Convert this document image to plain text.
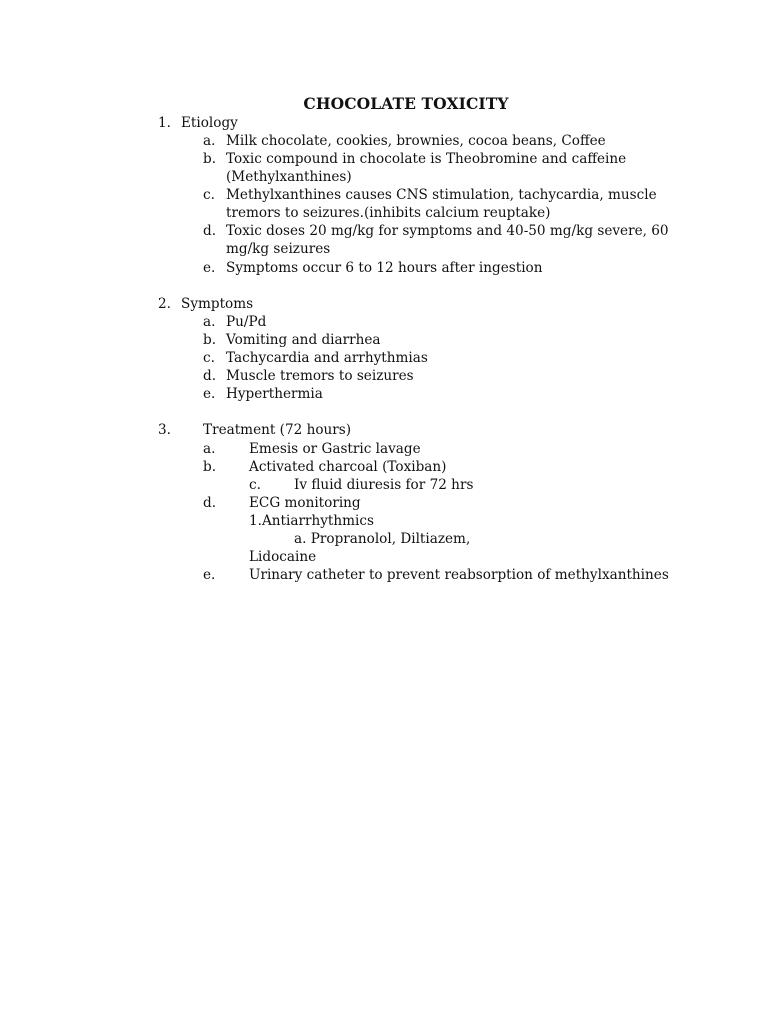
CHOCOLATE TOXICITY
1. Etiology
a. Milk chocolate, cookies, brownies, cocoa beans, Coffee
b. Toxic compound in chocolate is Theobromine and caffeine
(Methylxanthines)
c. Methylxanthines causes CNS stimulation, tachycardia, muscle
tremors to seizures.(inhibits calcium reuptake)
d. Toxic doses 20 mg/kg for symptoms and 40-50 mg/kg severe, 60
mg/kg seizures
e. Symptoms occur 6 to 12 hours after ingestion
2. Symptoms
a. Pu/Pd
b. Vomiting and diarrhea
c. Tachycardia and arrhythmias
d. Muscle tremors to seizures
e. Hyperthermia
3. Treatment (72 hours)
a. Emesis or Gastric lavage
b. Activated charcoal (Toxiban)
c. Iv fluid diuresis for 72 hrs
d. ECG monitoring
1.Antiarrhythmics
a. Propranolol, Diltiazem,
Lidocaine
e. Urinary catheter to prevent reabsorption of methylxanthines
